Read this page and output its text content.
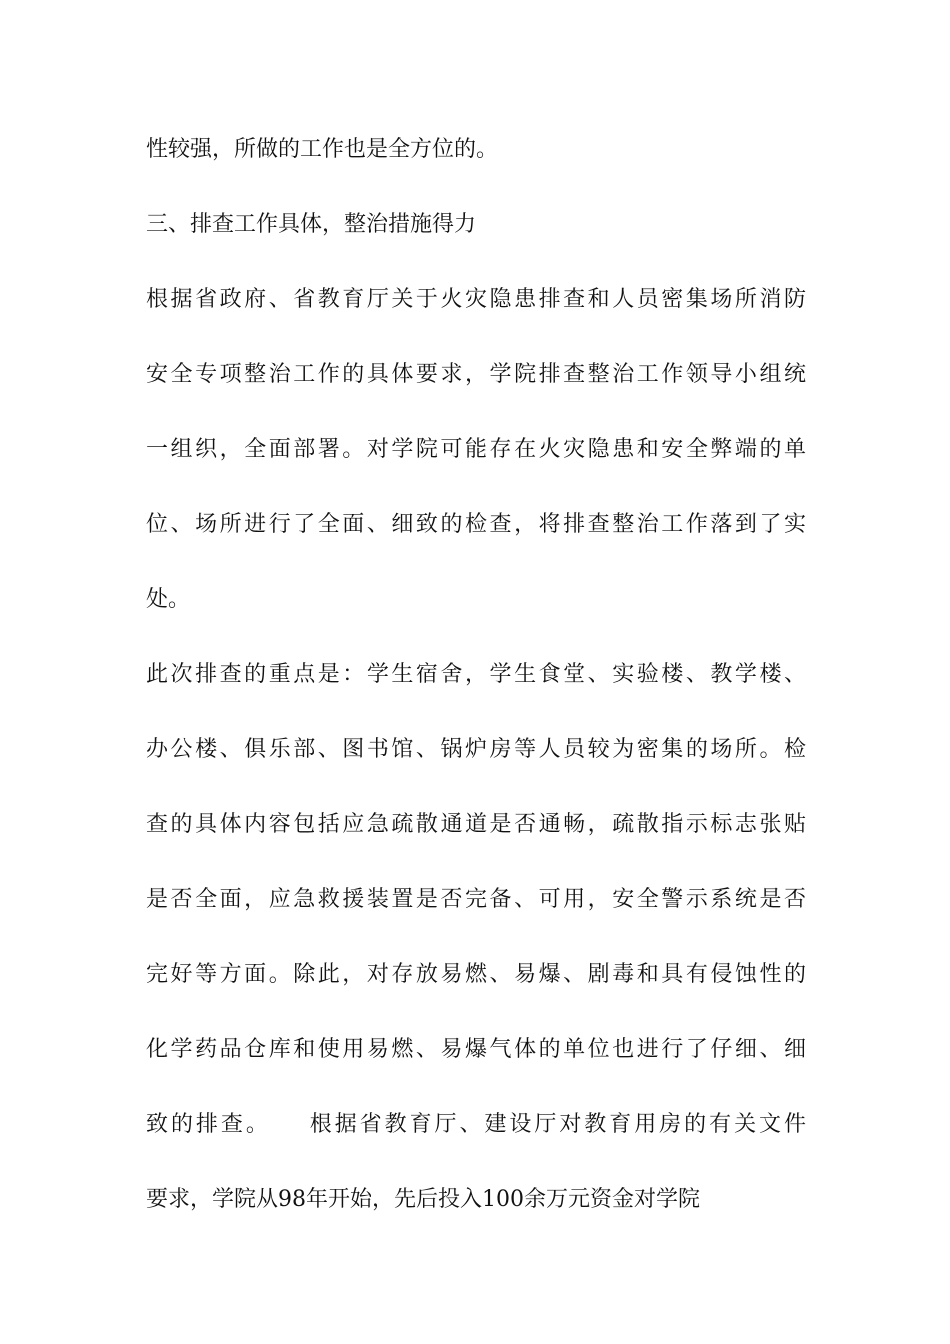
性较强，所做的工作也是全方位的。
三、排查工作具体，整治措施得力
根据省政府、省教育厅关于火灾隐患排查和人员密集场所消防
安全专项整治工作的具体要求，学院排查整治工作领导小组统
一组织，全面部署。对学院可能存在火灾隐患和安全弊端的单
位、场所进行了全面、细致的检查，将排查整治工作落到了实
处。
此次排查的重点是：学生宿舍，学生食堂、实验楼、教学楼、
办公楼、俱乐部、图书馆、锅炉房等人员较为密集的场所。检
查的具体内容包括应急疏散通道是否通畅，疏散指示标志张贴
是否全面，应急救援装置是否完备、可用，安全警示系统是否
完好等方面。除此，对存放易燃、易爆、剧毒和具有侵蚀性的
化学药品仓库和使用易燃、易爆气体的单位也进行了仔细、细
致的排查。　　根据省教育厅、建设厅对教育用房的有关文件
要求，学院从98年开始，先后投入100余万元资金对学院
